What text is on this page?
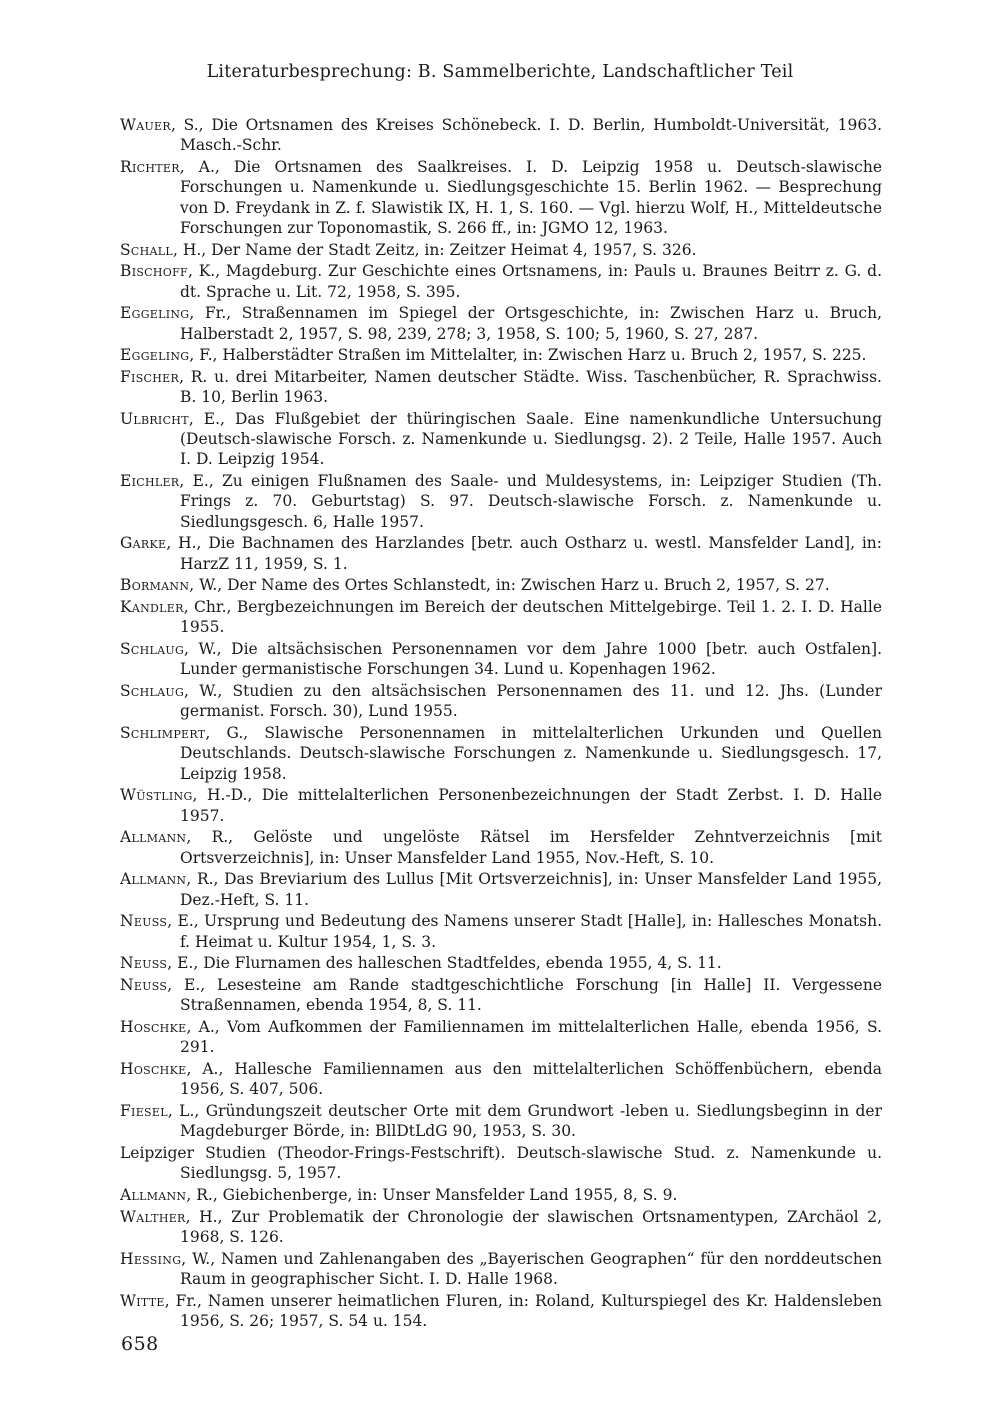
Literaturbesprechung: B. Sammelberichte, Landschaftlicher Teil

Wauer, S., Die Ortsnamen des Kreises Schönebeck. I. D. Berlin, Humboldt-Universität, 1963. Masch.-Schr.

Richter, A., Die Ortsnamen des Saalkreises. I. D. Leipzig 1958 u. Deutsch-slawische Forschungen u. Namenkunde u. Siedlungsgeschichte 15. Berlin 1962. — Besprechung von D. Freydank in Z. f. Slawistik IX, H. 1, S. 160. — Vgl. hierzu Wolf, H., Mitteldeutsche Forschungen zur Toponomastik, S. 266 ff., in: JGMO 12, 1963.

Schall, H., Der Name der Stadt Zeitz, in: Zeitzer Heimat 4, 1957, S. 326.

Bischoff, K., Magdeburg. Zur Geschichte eines Ortsnamens, in: Pauls u. Braunes Beitrr z. G. d. dt. Sprache u. Lit. 72, 1958, S. 395.

Eggeling, Fr., Straßennamen im Spiegel der Ortsgeschichte, in: Zwischen Harz u. Bruch, Halberstadt 2, 1957, S. 98, 239, 278; 3, 1958, S. 100; 5, 1960, S. 27, 287.

Eggeling, F., Halberstädter Straßen im Mittelalter, in: Zwischen Harz u. Bruch 2, 1957, S. 225.

Fischer, R. u. drei Mitarbeiter, Namen deutscher Städte. Wiss. Taschenbücher, R. Sprachwiss. B. 10, Berlin 1963.

Ulbricht, E., Das Flußgebiet der thüringischen Saale. Eine namenkundliche Untersuchung (Deutsch-slawische Forsch. z. Namenkunde u. Siedlungsg. 2). 2 Teile, Halle 1957. Auch I. D. Leipzig 1954.

Eichler, E., Zu einigen Flußnamen des Saale- und Muldesystems, in: Leipziger Studien (Th. Frings z. 70. Geburtstag) S. 97. Deutsch-slawische Forsch. z. Namenkunde u. Siedlungsgesch. 6, Halle 1957.

Garke, H., Die Bachnamen des Harzlandes [betr. auch Ostharz u. westl. Mansfelder Land], in: HarzZ 11, 1959, S. 1.

Bormann, W., Der Name des Ortes Schlanstedt, in: Zwischen Harz u. Bruch 2, 1957, S. 27.

Kandler, Chr., Bergbezeichnungen im Bereich der deutschen Mittelgebirge. Teil 1. 2. I. D. Halle 1955.

Schlaug, W., Die altsächsischen Personennamen vor dem Jahre 1000 [betr. auch Ostfalen]. Lunder germanistische Forschungen 34. Lund u. Kopenhagen 1962.

Schlaug, W., Studien zu den altsächsischen Personennamen des 11. und 12. Jhs. (Lunder germanist. Forsch. 30), Lund 1955.

Schlimpert, G., Slawische Personennamen in mittelalterlichen Urkunden und Quellen Deutschlands. Deutsch-slawische Forschungen z. Namenkunde u. Siedlungsgesch. 17, Leipzig 1958.

Wüstling, H.-D., Die mittelalterlichen Personenbezeichnungen der Stadt Zerbst. I. D. Halle 1957.

Allmann, R., Gelöste und ungelöste Rätsel im Hersfelder Zehntverzeichnis [mit Ortsverzeichnis], in: Unser Mansfelder Land 1955, Nov.-Heft, S. 10.

Allmann, R., Das Breviarium des Lullus [Mit Ortsverzeichnis], in: Unser Mansfelder Land 1955, Dez.-Heft, S. 11.

Neuss, E., Ursprung und Bedeutung des Namens unserer Stadt [Halle], in: Hallesches Monatsh. f. Heimat u. Kultur 1954, 1, S. 3.

Neuss, E., Die Flurnamen des halleschen Stadtfeldes, ebenda 1955, 4, S. 11.

Neuss, E., Lesesteine am Rande stadtgeschichtliche Forschung [in Halle] II. Vergessene Straßennamen, ebenda 1954, 8, S. 11.

Hoschke, A., Vom Aufkommen der Familiennamen im mittelalterlichen Halle, ebenda 1956, S. 291.

Hoschke, A., Hallesche Familiennamen aus den mittelalterlichen Schöffenbüchern, ebenda 1956, S. 407, 506.

Fiesel, L., Gründungszeit deutscher Orte mit dem Grundwort -leben u. Siedlungsbeginn in der Magdeburger Börde, in: BllDtLdG 90, 1953, S. 30.

Leipziger Studien (Theodor-Frings-Festschrift). Deutsch-slawische Stud. z. Namenkunde u. Siedlungsg. 5, 1957.

Allmann, R., Giebichenberge, in: Unser Mansfelder Land 1955, 8, S. 9.

Walther, H., Zur Problematik der Chronologie der slawischen Ortsnamentypen, ZArchäol 2, 1968, S. 126.

Hessing, W., Namen und Zahlenangaben des „Bayerischen Geographen“ für den norddeutschen Raum in geographischer Sicht. I. D. Halle 1968.

Witte, Fr., Namen unserer heimatlichen Fluren, in: Roland, Kulturspiegel des Kr. Haldensleben 1956, S. 26; 1957, S. 54 u. 154.

658
